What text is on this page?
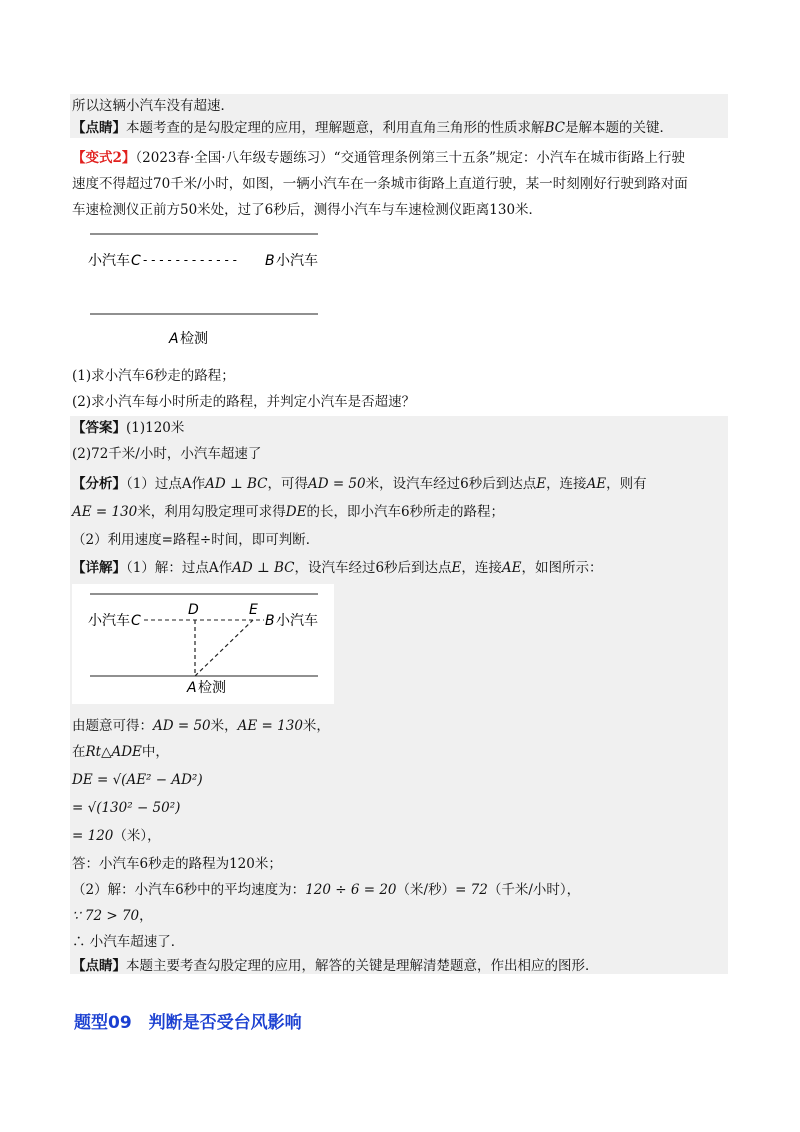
所以这辆小汽车没有超速．
【点睛】本题考查的是勾股定理的应用，理解题意，利用直角三角形的性质求解BC是解本题的关键．
【变式2】（2023春·全国·八年级专题练习）“交通管理条例第三十五条”规定：小汽车在城市街路上行驶
速度不得超过70千米/小时，如图，一辆小汽车在一条城市街路上直道行驶，某一时刻刚好行驶到路对面
车速检测仪正前方50米处，过了6秒后，测得小汽车与车速检测仪距离130米．
小汽车 C - - - - - - - - - - - - B 小汽车
A 检测
(1)求小汽车6秒走的路程；
(2)求小汽车每小时所走的路程，并判定小汽车是否超速？
【答案】(1)120米
(2)72千米/小时，小汽车超速了
【分析】（1）过点A作AD ⊥ BC，可得AD = 50米，设汽车经过6秒后到达点E，连接AE，则有
AE = 130米，利用勾股定理可求得DE的长，即小汽车6秒所走的路程；
（2）利用速度=路程÷时间，即可判断．
【详解】（1）解：过点A作AD ⊥ BC，设汽车经过6秒后到达点E，连接AE，如图所示：
小汽车 C
D	E
B 小汽车
A 检测
由题意可得：AD = 50米，AE = 130米，
在Rt△ADE中，
DE = √(AE² − AD²)
= √(130² − 50²)
= 120（米），
答：小汽车6秒走的路程为120米；
（2）解：小汽车6秒中的平均速度为：120 ÷ 6 = 20（米/秒）= 72（千米/小时），
∵ 72 > 70，
∴ 小汽车超速了．
【点睛】本题主要考查勾股定理的应用，解答的关键是理解清楚题意，作出相应的图形．
题型09　判断是否受台风影响
